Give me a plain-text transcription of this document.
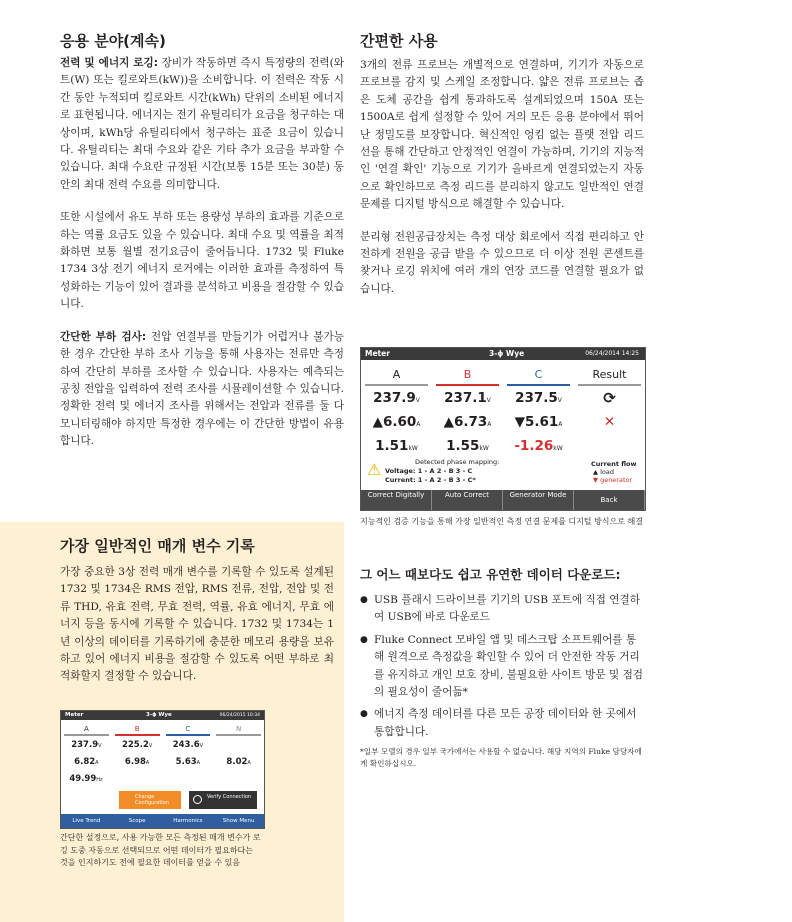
응용 분야(계속)

전력 및 에너지 로깅: 장비가 작동하면 즉시 특정량의 전력(와트(W) 또는 킬로와트(kW))을 소비합니다. 이 전력은 작동 시간 동안 누적되며 킬로와트 시간(kWh) 단위의 소비된 에너지로 표현됩니다. 에너지는 전기 유틸리티가 요금을 청구하는 대상이며, kWh당 유틸리티에서 청구하는 표준 요금이 있습니다. 유틸리티는 최대 수요와 같은 기타 추가 요금을 부과할 수 있습니다. 최대 수요란 규정된 시간(보통 15분 또는 30분) 동안의 최대 전력 수요를 의미합니다.

또한 시설에서 유도 부하 또는 용량성 부하의 효과를 기준으로 하는 역률 요금도 있을 수 있습니다. 최대 수요 및 역률을 최적화하면 보통 월별 전기요금이 줄어듭니다. 1732 및 Fluke 1734 3상 전기 에너지 로거에는 이러한 효과를 측정하여 특성화하는 기능이 있어 결과를 분석하고 비용을 절감할 수 있습니다.

간단한 부하 검사: 전압 연결부를 만들기가 어렵거나 불가능한 경우 간단한 부하 조사 기능을 통해 사용자는 전류만 측정하여 간단히 부하를 조사할 수 있습니다. 사용자는 예측되는 공칭 전압을 입력하여 전력 조사를 시뮬레이션할 수 있습니다. 정확한 전력 및 에너지 조사를 위해서는 전압과 전류를 둘 다 모니터링해야 하지만 특정한 경우에는 이 간단한 방법이 유용합니다.

가장 일반적인 매개 변수 기록

가장 중요한 3상 전력 매개 변수를 기록할 수 있도록 설계된 1732 및 1734은 RMS 전압, RMS 전류, 전압, 전압 및 전류 THD, 유효 전력, 무효 전력, 역률, 유효 에너지, 무효 에너지 등을 동시에 기록할 수 있습니다. 1732 및 1734는 1년 이상의 데이터를 기록하기에 충분한 메모리 용량을 보유하고 있어 에너지 비용을 절감할 수 있도록 어떤 부하로 최적화할지 결정할 수 있습니다.

Meter	3-ϕ Wye	06/24/2015 10:34
A	B	C	N
237.9V	225.2V	243.6V
6.82A	6.98A	5.63A	8.02A
49.99Hz
Change Configuration
Verify Connection
Live Trend	Scope	Harmonics	Show Menu
간단한 설정으로, 사용 가능한 모든 측정된 매개 변수가 로깅 도중 자동으로 선택되므로 어떤 데이터가 필요하다는 것을 인지하기도 전에 필요한 데이터를 얻을 수 있음
간편한 사용

3개의 전류 프로브는 개별적으로 연결하며, 기기가 자동으로 프로브를 감지 및 스케일 조정합니다. 얇은 전류 프로브는 좁은 도체 공간을 쉽게 통과하도록 설계되었으며 150A 또는 1500A로 쉽게 설정할 수 있어 거의 모든 응용 분야에서 뛰어난 정밀도를 보장합니다. 혁신적인 엉킴 없는 플랫 전압 리드선을 통해 간단하고 안정적인 연결이 가능하며, 기기의 지능적인 '연결 확인' 기능으로 기기가 올바르게 연결되었는지 자동으로 확인하므로 측정 리드를 분리하지 않고도 일반적인 연결 문제를 디지털 방식으로 해결할 수 있습니다.

분리형 전원공급장치는 측정 대상 회로에서 직접 편리하고 안전하게 전원을 공급 받을 수 있으므로 더 이상 전원 콘센트를 찾거나 로깅 위치에 여러 개의 연장 코드를 연결할 필요가 없습니다.

Meter	3-ϕ Wye	06/24/2014 14:25
A	B	C	Result
237.9V	237.1V	237.5V	⟳
▲6.60A	▲6.73A	▼5.61A	✕
1.51kW	1.55kW	-1.26kW
⚠	Detected phase mapping:
Voltage: 1 - A 2 - B 3 - C
Current: 1 - A 2 - B 3 - C*
Current flow
▲ load
▼ generator
Correct Digitally	Auto Correct	Generator Mode
Back
지능적인 검증 기능을 통해 가장 일반적인 측정 연결 문제를 디지털 방식으로 해결
그 어느 때보다도 쉽고 유연한 데이터 다운로드:
● USB 플래시 드라이브를 기기의 USB 포트에 직접 연결하여 USB에 바로 다운로드
● Fluke Connect 모바일 앱 및 데스크탑 소프트웨어를 통해 원격으로 측정값을 확인할 수 있어 더 안전한 작동 거리를 유지하고 개인 보호 장비, 불필요한 사이트 방문 및 점검의 필요성이 줄어듦*
● 에너지 측정 데이터를 다른 모든 공장 데이터와 한 곳에서 통합합니다.
*일부 모델의 경우 일부 국가에서는 사용할 수 없습니다. 해당 지역의 Fluke 담당자에게 확인하십시오.
